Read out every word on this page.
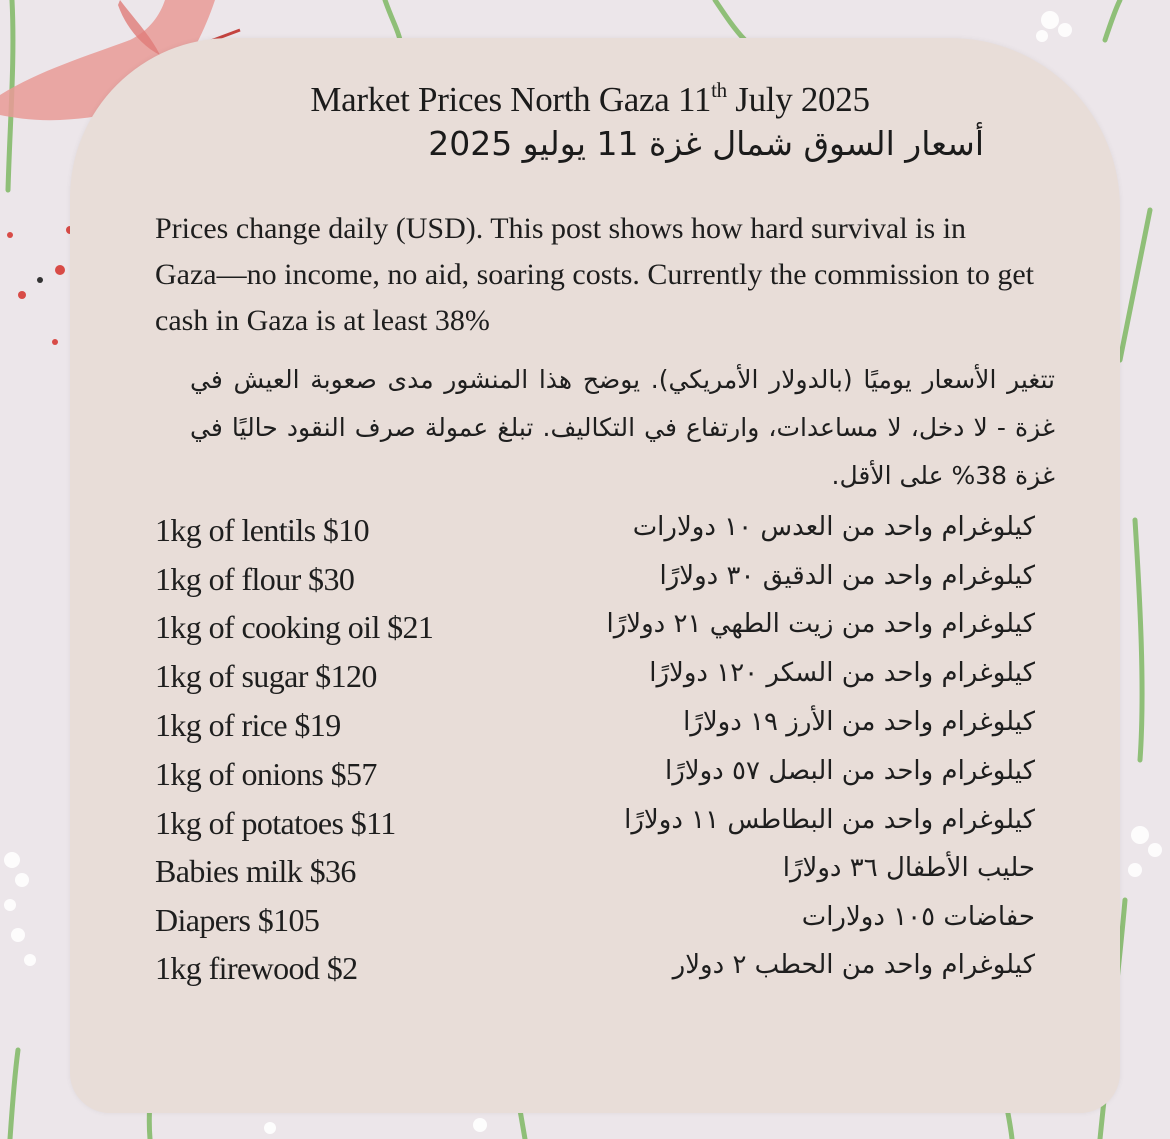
Market Prices North Gaza 11th July 2025
أسعار السوق شمال غزة 11 يوليو 2025
Prices change daily (USD). This post shows how hard survival is in Gaza—no income, no aid, soaring costs. Currently the commission to get cash in Gaza is at least 38%
تتغير الأسعار يوميًا (بالدولار الأمريكي). يوضح هذا المنشور مدى صعوبة العيش في غزة - لا دخل، لا مساعدات، وارتفاع في التكاليف. تبلغ عمولة صرف النقود حاليًا في غزة 38% على الأقل.
1kg of lentils $10	كيلوغرام واحد من العدس ١٠ دولارات
1kg of flour $30	كيلوغرام واحد من الدقيق ٣٠ دولارًا
1kg of cooking oil $21	كيلوغرام واحد من زيت الطهي ٢١ دولارًا
1kg of sugar $120	كيلوغرام واحد من السكر ١٢٠ دولارًا
1kg of rice $19	كيلوغرام واحد من الأرز ١٩ دولارًا
1kg of onions $57	كيلوغرام واحد من البصل ٥٧ دولارًا
1kg of potatoes $11	كيلوغرام واحد من البطاطس ١١ دولارًا
Babies milk $36	حليب الأطفال ٣٦ دولارًا
Diapers $105	حفاضات ١٠٥ دولارات
1kg firewood $2	كيلوغرام واحد من الحطب ٢ دولار
